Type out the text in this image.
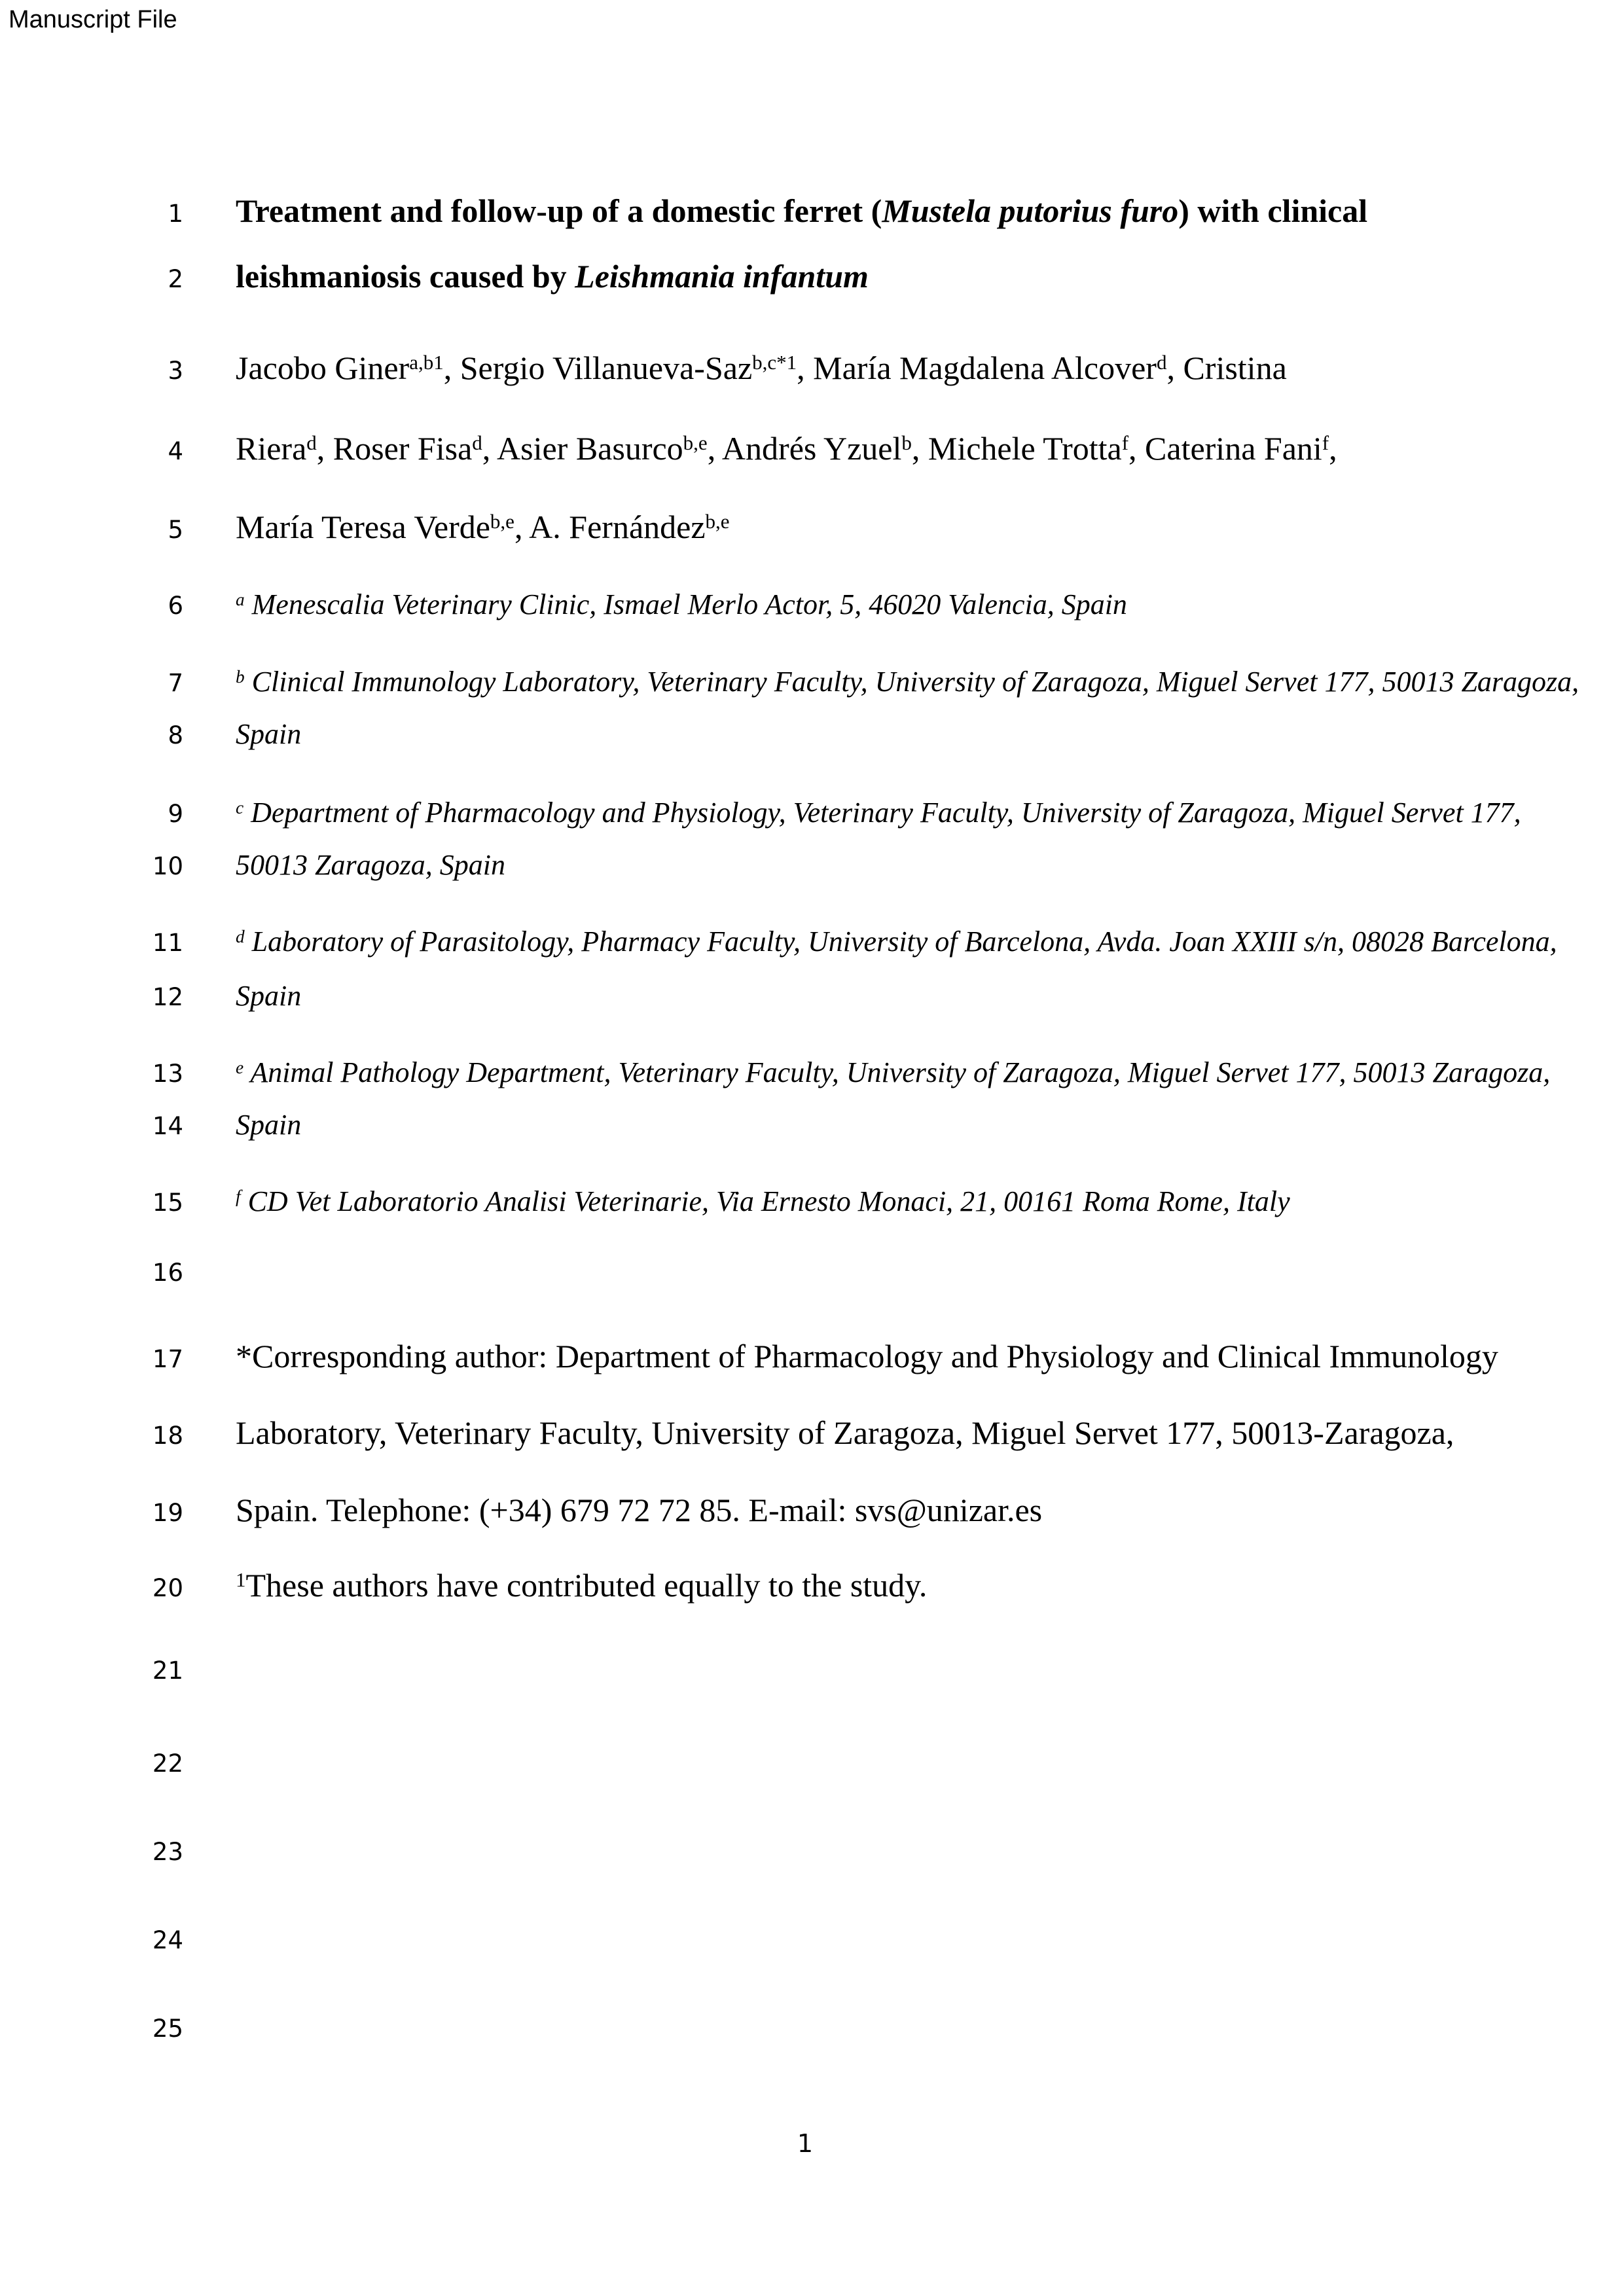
Manuscript File
1 Treatment and follow-up of a domestic ferret (Mustela putorius furo) with clinical
2 leishmaniosis caused by Leishmania infantum
3 Jacobo Giner$^{a,b1}$, Sergio Villanueva-Saz$^{b,c*1}$, María Magdalena Alcover$^d$, Cristina
4 Riera$^d$, Roser Fisa$^d$, Asier Basurco$^{b,e}$, Andrés Yzuel$^b$, Michele Trotta$^f$, Caterina Fani$^f$,
5 María Teresa Verde$^{b,e}$, A. Fernández$^{b,e}$
6	$^a$ Menescalia Veterinary Clinic, Ismael Merlo Actor, 5, 46020 Valencia, Spain
7	$^b$ Clinical Immunology Laboratory, Veterinary Faculty, University of Zaragoza, Miguel Servet 177, 50013 Zaragoza,
8 Spain
9	$^c$ Department of Pharmacology and Physiology, Veterinary Faculty, University of Zaragoza, Miguel Servet 177,
10 50013 Zaragoza, Spain
11	$^d$ Laboratory of Parasitology, Pharmacy Faculty, University of Barcelona, Avda. Joan XXIII s/n, 08028 Barcelona,
12 Spain
13	$^e$ Animal Pathology Department, Veterinary Faculty, University of Zaragoza, Miguel Servet 177, 50013 Zaragoza,
14 Spain
15	$^f$ CD Vet Laboratorio Analisi Veterinarie, Via Ernesto Monaci, 21, 00161 Roma Rome, Italy
16
17 *Corresponding author: Department of Pharmacology and Physiology and Clinical Immunology
18 Laboratory, Veterinary Faculty, University of Zaragoza, Miguel Servet 177, 50013-Zaragoza,
19 Spain. Telephone: (+34) 679 72 72 85. E-mail: svs@unizar.es
20	$^1$These authors have contributed equally to the study.
21
22
23
24
25
1
